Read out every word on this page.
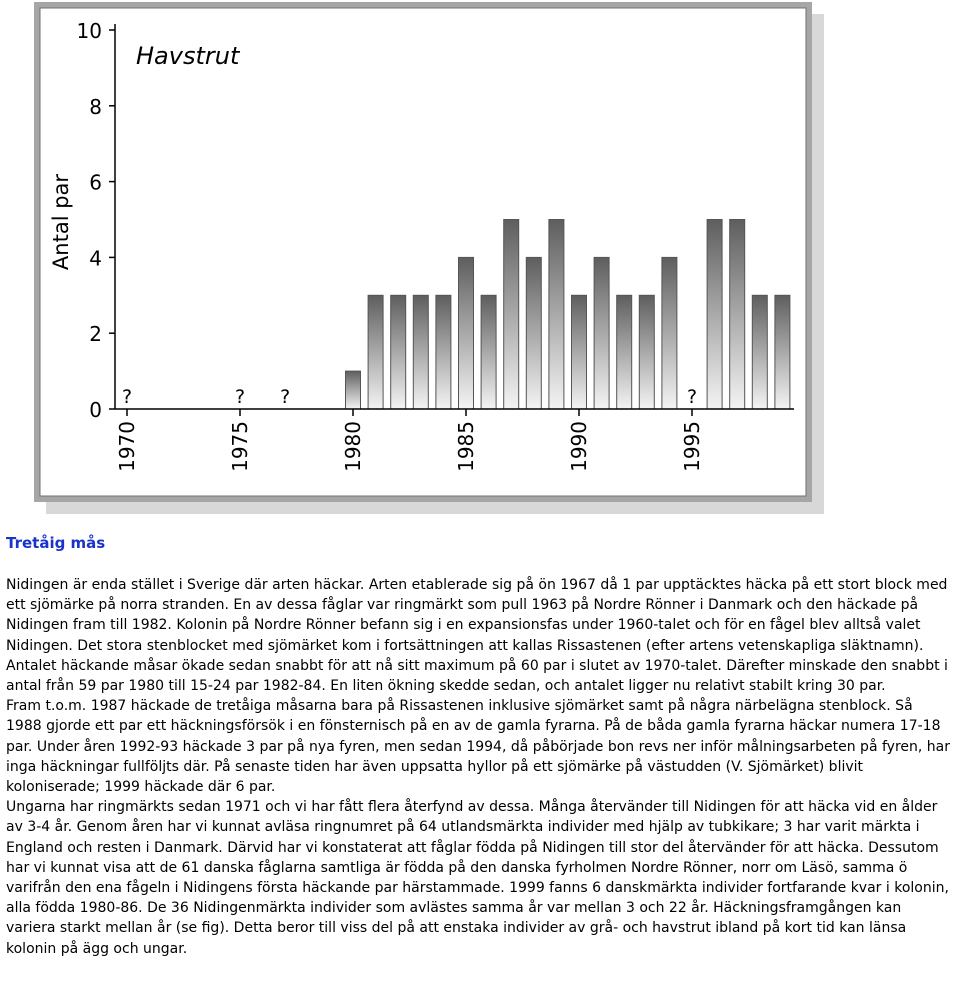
?	? ?	?
0
2
4
6
8
10
1970	1975	1980	1985	1990	1995
Havstrut
Antal par
Tretåig mås

Nidingen är enda stället i Sverige där arten häckar. Arten etablerade sig på ön 1967 då 1 par upptäcktes häcka på ett stort block med ett sjömärke på norra stranden. En av dessa fåglar var ringmärkt som pull 1963 på Nordre Rönner i Danmark och den häckade på Nidingen fram till 1982. Kolonin på Nordre Rönner befann sig i en expansionsfas under 1960-talet och för en fågel blev alltså valet Nidingen. Det stora stenblocket med sjömärket kom i fortsättningen att kallas Rissastenen (efter artens vetenskapliga släktnamn). Antalet häckande måsar ökade sedan snabbt för att nå sitt maximum på 60 par i slutet av 1970-talet. Därefter minskade den snabbt i antal från 59 par 1980 till 15-24 par 1982-84. En liten ökning skedde sedan, och antalet ligger nu relativt stabilt kring 30 par.

Fram t.o.m. 1987 häckade de tretåiga måsarna bara på Rissastenen inklusive sjömärket samt på några närbelägna stenblock. Så 1988 gjorde ett par ett häckningsförsök i en fönsternisch på en av de gamla fyrarna. På de båda gamla fyrarna häckar numera 17-18 par. Under åren 1992-93 häckade 3 par på nya fyren, men sedan 1994, då påbörjade bon revs ner inför målningsarbeten på fyren, har inga häckningar fullföljts där. På senaste tiden har även uppsatta hyllor på ett sjömärke på västudden (V. Sjömärket) blivit koloniserade; 1999 häckade där 6 par.

Ungarna har ringmärkts sedan 1971 och vi har fått flera återfynd av dessa. Många återvänder till Nidingen för att häcka vid en ålder av 3-4 år. Genom åren har vi kunnat avläsa ringnumret på 64 utlandsmärkta individer med hjälp av tubkikare; 3 har varit märkta i England och resten i Danmark. Därvid har vi konstaterat att fåglar födda på Nidingen till stor del återvänder för att häcka. Dessutom har vi kunnat visa att de 61 danska fåglarna samtliga är födda på den danska fyrholmen Nordre Rönner, norr om Läsö, samma ö varifrån den ena fågeln i Nidingens första häckande par härstammade. 1999 fanns 6 danskmärkta individer fortfarande kvar i kolonin, alla födda 1980-86. De 36 Nidingenmärkta individer som avlästes samma år var mellan 3 och 22 år. Häckningsframgången kan variera starkt mellan år (se fig). Detta beror till viss del på att enstaka individer av grå- och havstrut ibland på kort tid kan länsa kolonin på ägg och ungar.
